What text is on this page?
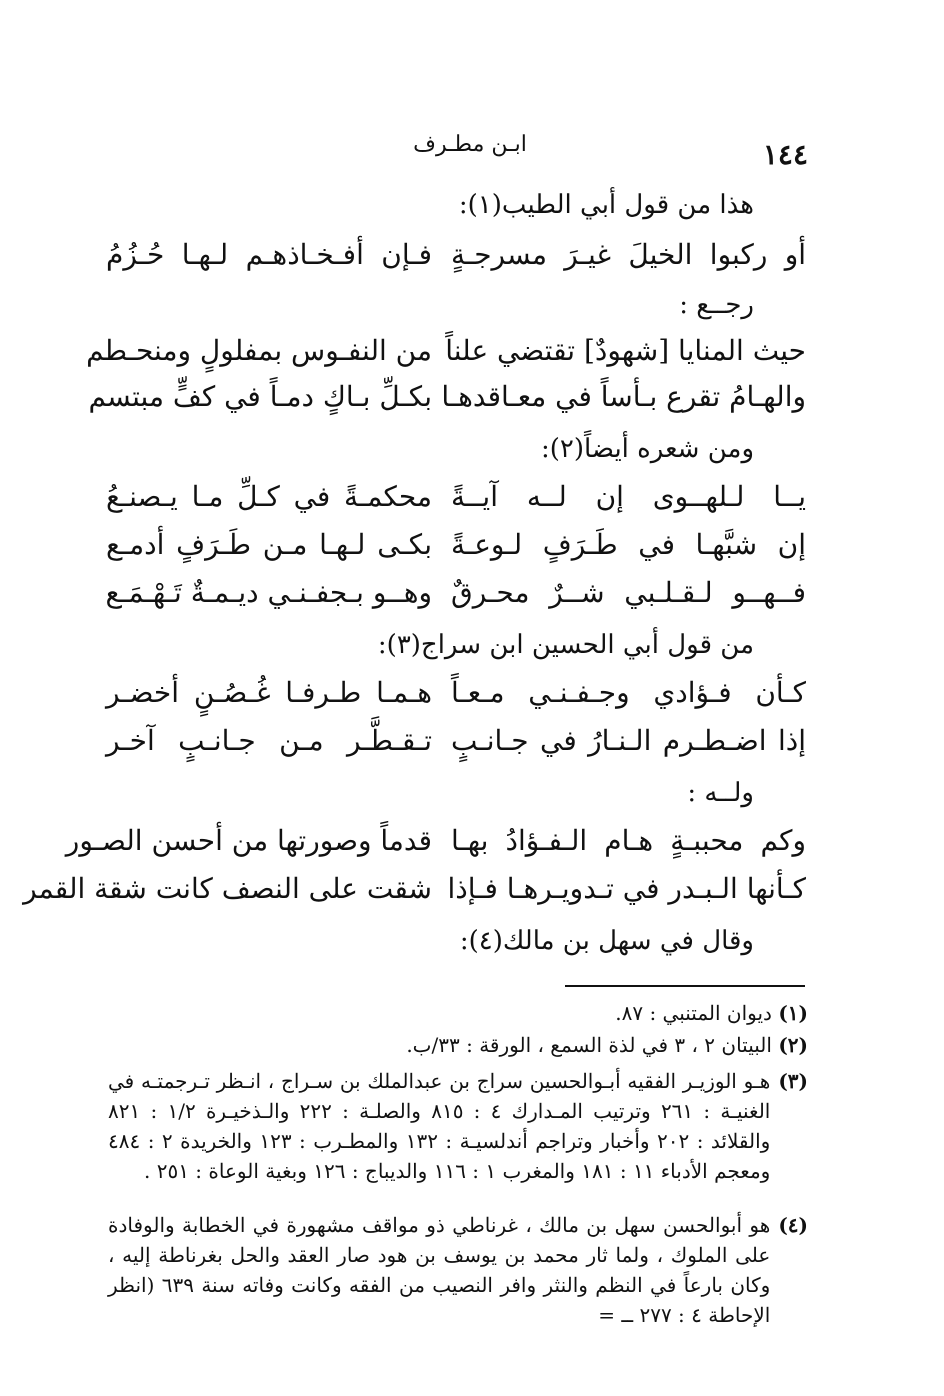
ابـن مطـرف	١٤٤
هذا من قول أبي الطيب(١):
أو ركبوا الخيلَ غيـرَ مسرجـةٍ
فـإن أفـخـاذهـم لـهـا حُـزُمُ
رجــع :
حيث المنايا [شهودٌ] تقتضي علناً
من النفـوس بمفلولٍ ومنحـطم
والهـامُ تقرع بـأساً في معـاقدهـا
بكـلِّ بـاكٍ دمـاً في كفٍّ مبتسم
ومن شعره أيضاً(٢):
يــا لـلهــوى إن لــه آيــةً
محكمـةً في كـلِّ مـا يـصنـعُ
إن شبَّهـا في طَـرَفٍ لـوعـةً
بكـى لـهـا مـن طَـرَفٍ أدمـع
فــهــو لـقـلـبي شــرٌ محـرقٌ
وهــو بـجفـنـي ديـمـةٌ تَـهْـمَـع
من قول أبي الحسين ابن سراج(٣):
كـأن فـؤادي وجـفـنـي مـعـاً
هـمـا طـرفـا غُـصُـنٍ أخضـر
إذا اضـطـرم الـنـارُ في جـانـبٍ
تـقـطَّـر مـن جـانـبٍ آخـر
ولــه :
وكم محببـةٍ هـام الـفـؤادُ بهـا
قدماً وصورتها من أحسن الصـور
كـأنها الـبـدر في تـدويـرهـا فـإذا
شقت على النصف كانت شقة القمر
وقال في سهل بن مالك(٤):
(١) ديوان المتنبي : ٨٧.
(٢) البيتان ٢ ، ٣ في لذة السمع ، الورقة : ٣٣/ب.
(٣)
هـو الوزيـر الفقيه أبـوالحسين سراج بن عبدالملك بن سـراج ، انـظر تـرجمتـه في الغنيـة : ٢٦١ وترتيب المـدارك ٤ : ٨١٥ والصلـة : ٢٢٢ والـذخيـرة ١/٢ : ٨٢١ والقلائد : ٢٠٢ وأخبار وتراجم أندلسيـة : ١٣٢ والمطـرب : ١٢٣ والخريدة ٢ : ٤٨٤ ومعجم الأدباء ١١ : ١٨١ والمغرب ١ : ١١٦ والديباج : ١٢٦ وبغية الوعاة : ٢٥١ .
(٤)
هو أبوالحسن سهل بن مالك ، غرناطي ذو مواقف مشهورة في الخطابة والوفادة على الملوك ، ولما ثار محمد بن يوسف بن هود صار العقد والحل بغرناطة إليه ، وكان بارعاً في النظم والنثر وافر النصيب من الفقه وكانت وفاته سنة ٦٣٩ (انظر الإحاطة ٤ : ٢٧٧ ــ =
